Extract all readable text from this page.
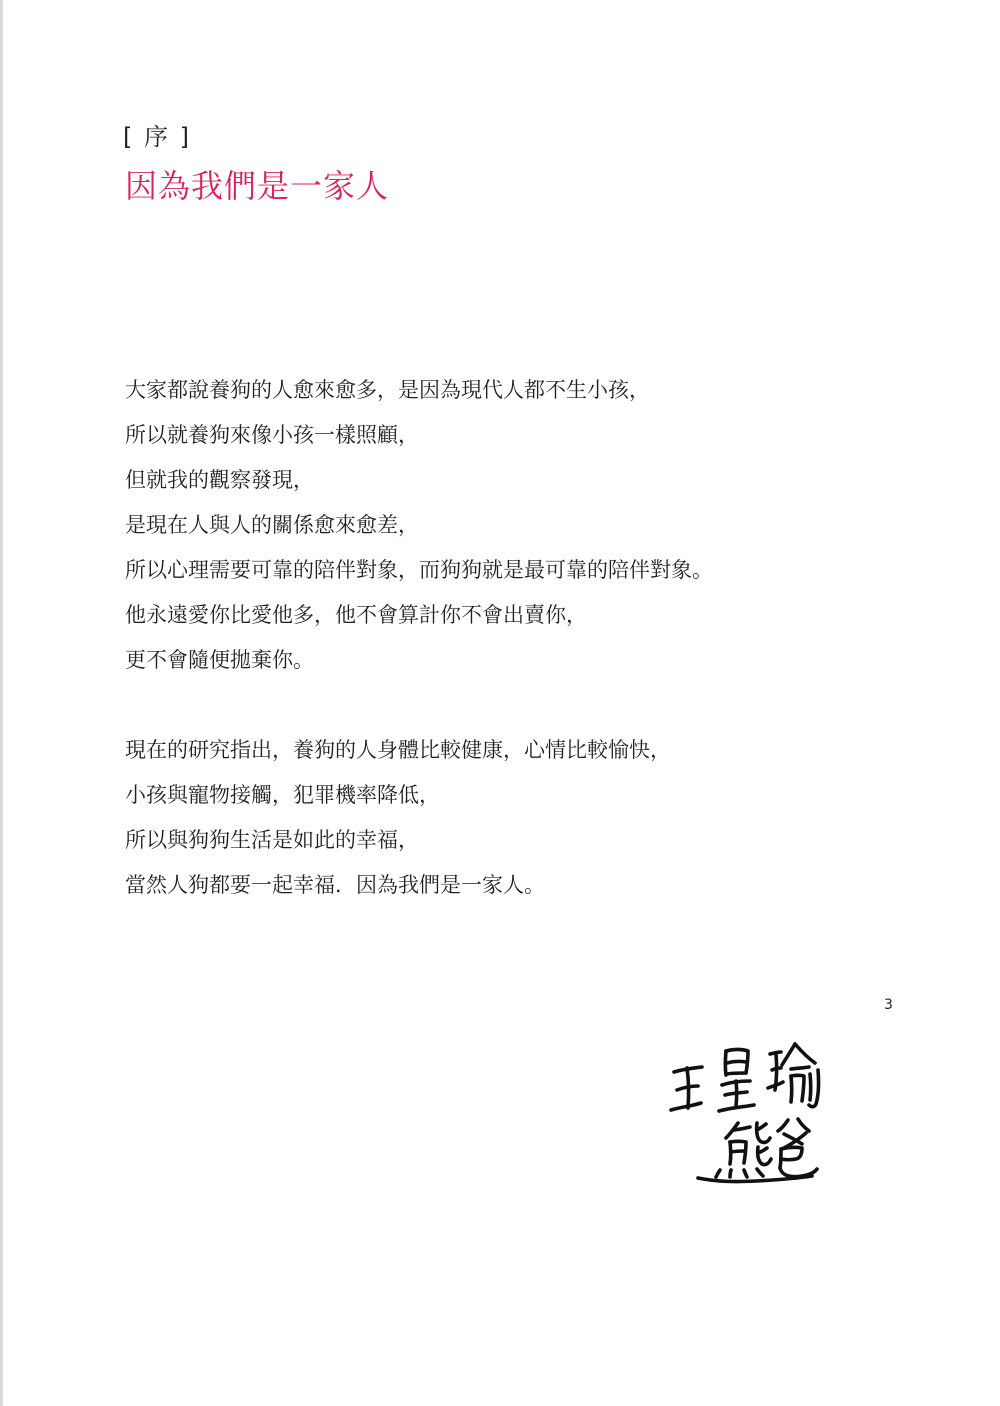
[ 序 ]
因為我們是一家人
大家都說養狗的人愈來愈多，是因為現代人都不生小孩，
所以就養狗來像小孩一樣照顧，
但就我的觀察發現，
是現在人與人的關係愈來愈差，
所以心理需要可靠的陪伴對象，而狗狗就是最可靠的陪伴對象。
他永遠愛你比愛他多，他不會算計你不會出賣你，
更不會隨便拋棄你。
現在的研究指出，養狗的人身體比較健康，心情比較愉快，
小孩與寵物接觸，犯罪機率降低，
所以與狗狗生活是如此的幸福，
當然人狗都要一起幸福．因為我們是一家人。
3
